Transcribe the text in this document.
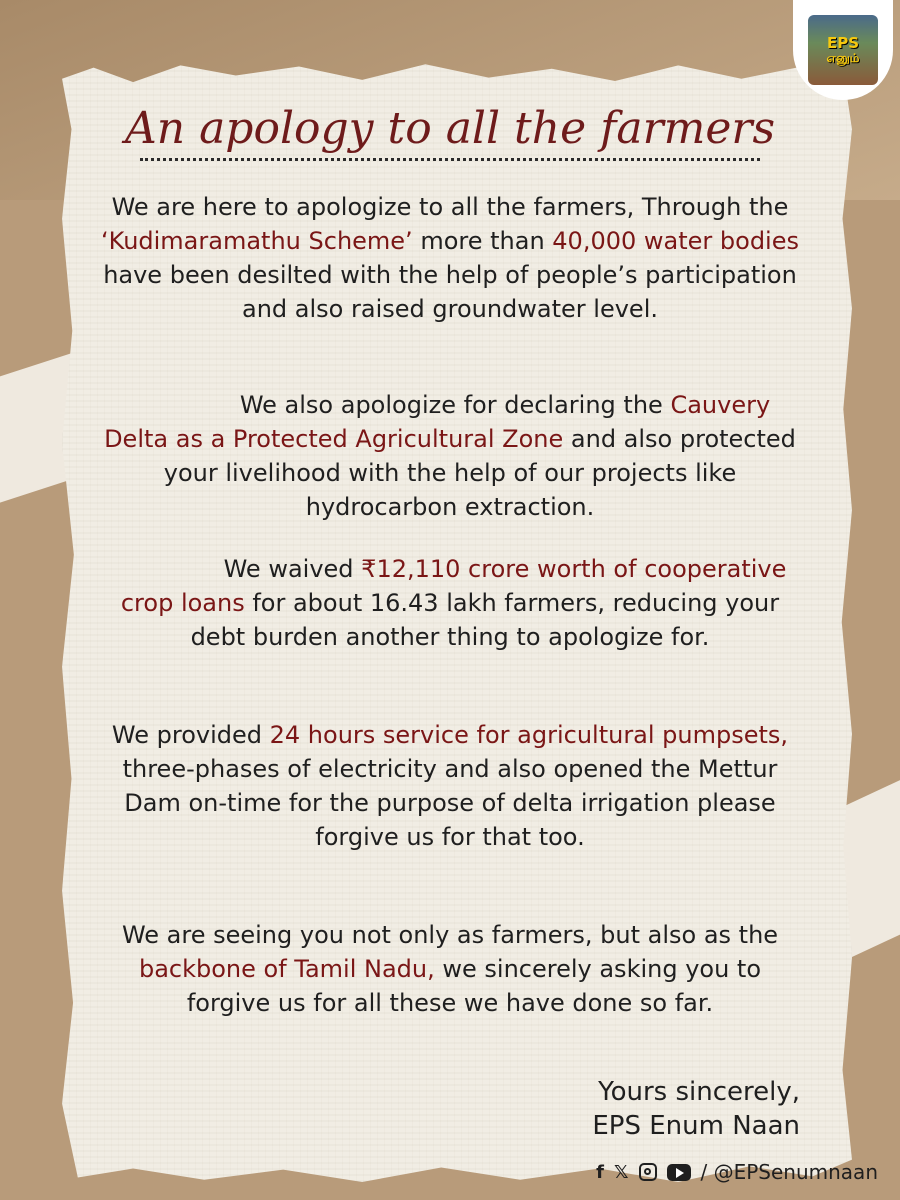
EPS
எனும்
An apology to all the farmers

We are here to apologize to all the farmers, Through the ‘Kudimaramathu Scheme’ more than 40,000 water bodies have been desilted with the help of people’s participation and also raised groundwater level.

We also apologize for declaring the Cauvery Delta as a Protected Agricultural Zone and also protected your livelihood with the help of our projects like hydrocarbon extraction.

We waived ₹12,110 crore worth of cooperative crop loans for about 16.43 lakh farmers, reducing your debt burden another thing to apologize for.

We provided 24 hours service for agricultural pumpsets, three-phases of electricity and also opened the Mettur Dam on-time for the purpose of delta irrigation please forgive us for that too.

We are seeing you not only as farmers, but also as the backbone of Tamil Nadu, we sincerely asking you to forgive us for all these we have done so far.

Yours sincerely,
EPS Enum Naan
f 𝕏	/ @EPSenumnaan
